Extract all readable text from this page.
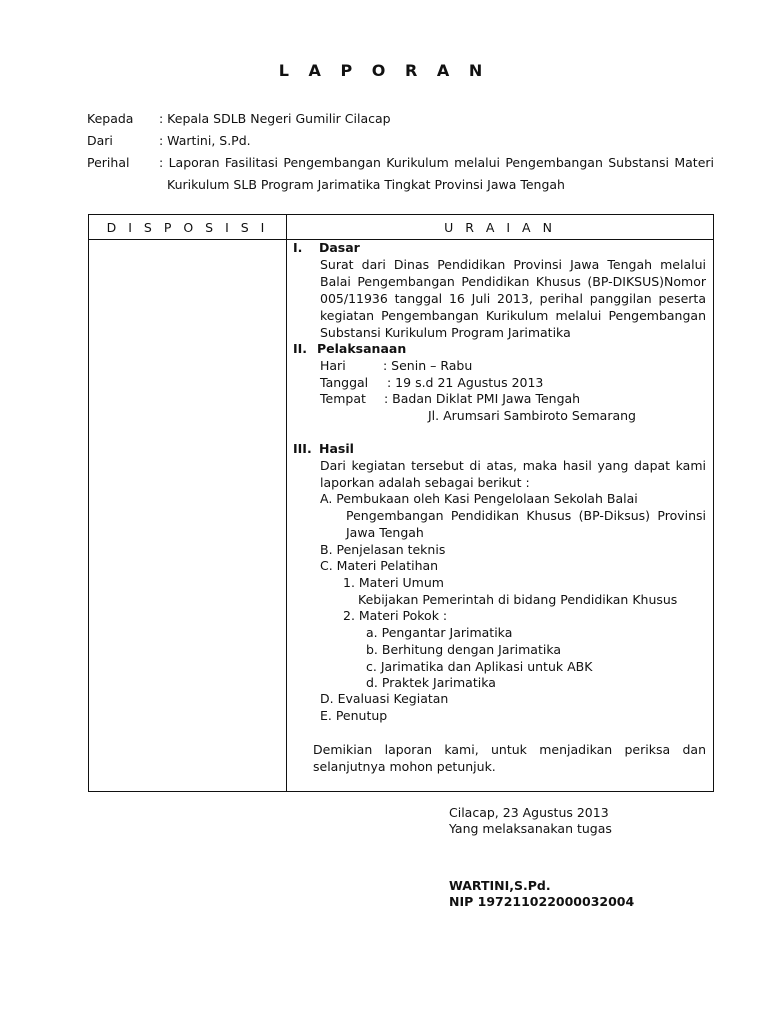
L A P O R A N
Kepada : Kepala SDLB Negeri Gumilir Cilacap
Dari	: Wartini, S.Pd.
Perihal	: Laporan Fasilitasi Pengembangan Kurikulum melalui Pengembangan Substansi Materi
Kurikulum SLB Program Jarimatika Tingkat Provinsi Jawa Tengah
D I S P O S I S I	U R A I A N
I. Dasar
Surat dari Dinas Pendidikan Provinsi Jawa Tengah melalui
Balai Pengembangan Pendidikan Khusus (BP-DIKSUS)Nomor
005/11936 tanggal 16 Juli 2013, perihal panggilan peserta
kegiatan Pengembangan Kurikulum melalui Pengembangan
Substansi Kurikulum Program Jarimatika
II. Pelaksanaan
Hari	: Senin – Rabu
Tanggal : 19 s.d 21 Agustus 2013
Tempat : Badan Diklat PMI Jawa Tengah
Jl. Arumsari Sambiroto Semarang
III. Hasil
Dari kegiatan tersebut di atas, maka hasil yang dapat kami
laporkan adalah sebagai berikut :
A. Pembukaan oleh Kasi Pengelolaan Sekolah Balai
Pengembangan Pendidikan Khusus (BP-Diksus) Provinsi
Jawa Tengah
B. Penjelasan teknis
C. Materi Pelatihan
1. Materi Umum
Kebijakan Pemerintah di bidang Pendidikan Khusus
2. Materi Pokok :
a. Pengantar Jarimatika
b. Berhitung dengan Jarimatika
c. Jarimatika dan Aplikasi untuk ABK
d. Praktek Jarimatika
D. Evaluasi Kegiatan
E. Penutup
Demikian laporan kami, untuk menjadikan periksa dan
selanjutnya mohon petunjuk.
Cilacap, 23 Agustus 2013
Yang melaksanakan tugas
WARTINI,S.Pd.
NIP 197211022000032004
